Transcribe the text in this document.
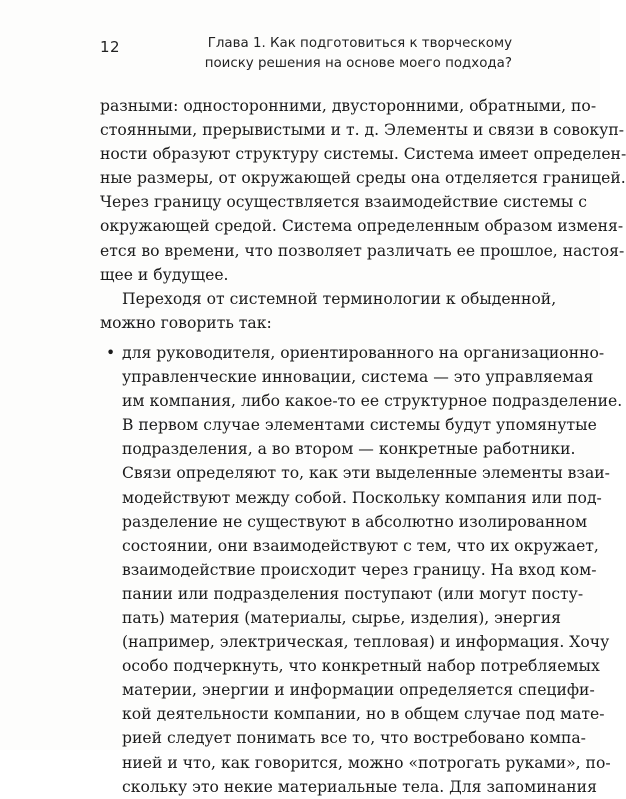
12	Глава 1. Как подготовиться к творческому
поиску решения на основе моего подхода?
разными: односторонними, двусторонними, обратными, по-
стоянными, прерывистыми и т. д. Элементы и связи в совокуп-
ности образуют структуру системы. Система имеет определен-
ные размеры, от окружающей среды она отделяется границей.
Через границу осуществляется взаимодействие системы с
окружающей средой. Система определенным образом изменя-
ется во времени, что позволяет различать ее прошлое, настоя-
щее и будущее.
Переходя от системной терминологии к обыденной,
можно говорить так:
• для руководителя, ориентированного на организационно-
управленческие инновации, система — это управляемая
им компания, либо какое-то ее структурное подразделение.
В первом случае элементами системы будут упомянутые
подразделения, а во втором — конкретные работники.
Связи определяют то, как эти выделенные элементы взаи-
модействуют между собой. Поскольку компания или под-
разделение не существуют в абсолютно изолированном
состоянии, они взаимодействуют с тем, что их окружает,
взаимодействие происходит через границу. На вход ком-
пании или подразделения поступают (или могут посту-
пать) материя (материалы, сырье, изделия), энергия
(например, электрическая, тепловая) и информация. Хочу
особо подчеркнуть, что конкретный набор потребляемых
материи, энергии и информации определяется специфи-
кой деятельности компании, но в общем случае под мате-
рией следует понимать все то, что востребовано компа-
нией и что, как говорится, можно «потрогать руками», по-
скольку это некие материальные тела. Для запоминания
